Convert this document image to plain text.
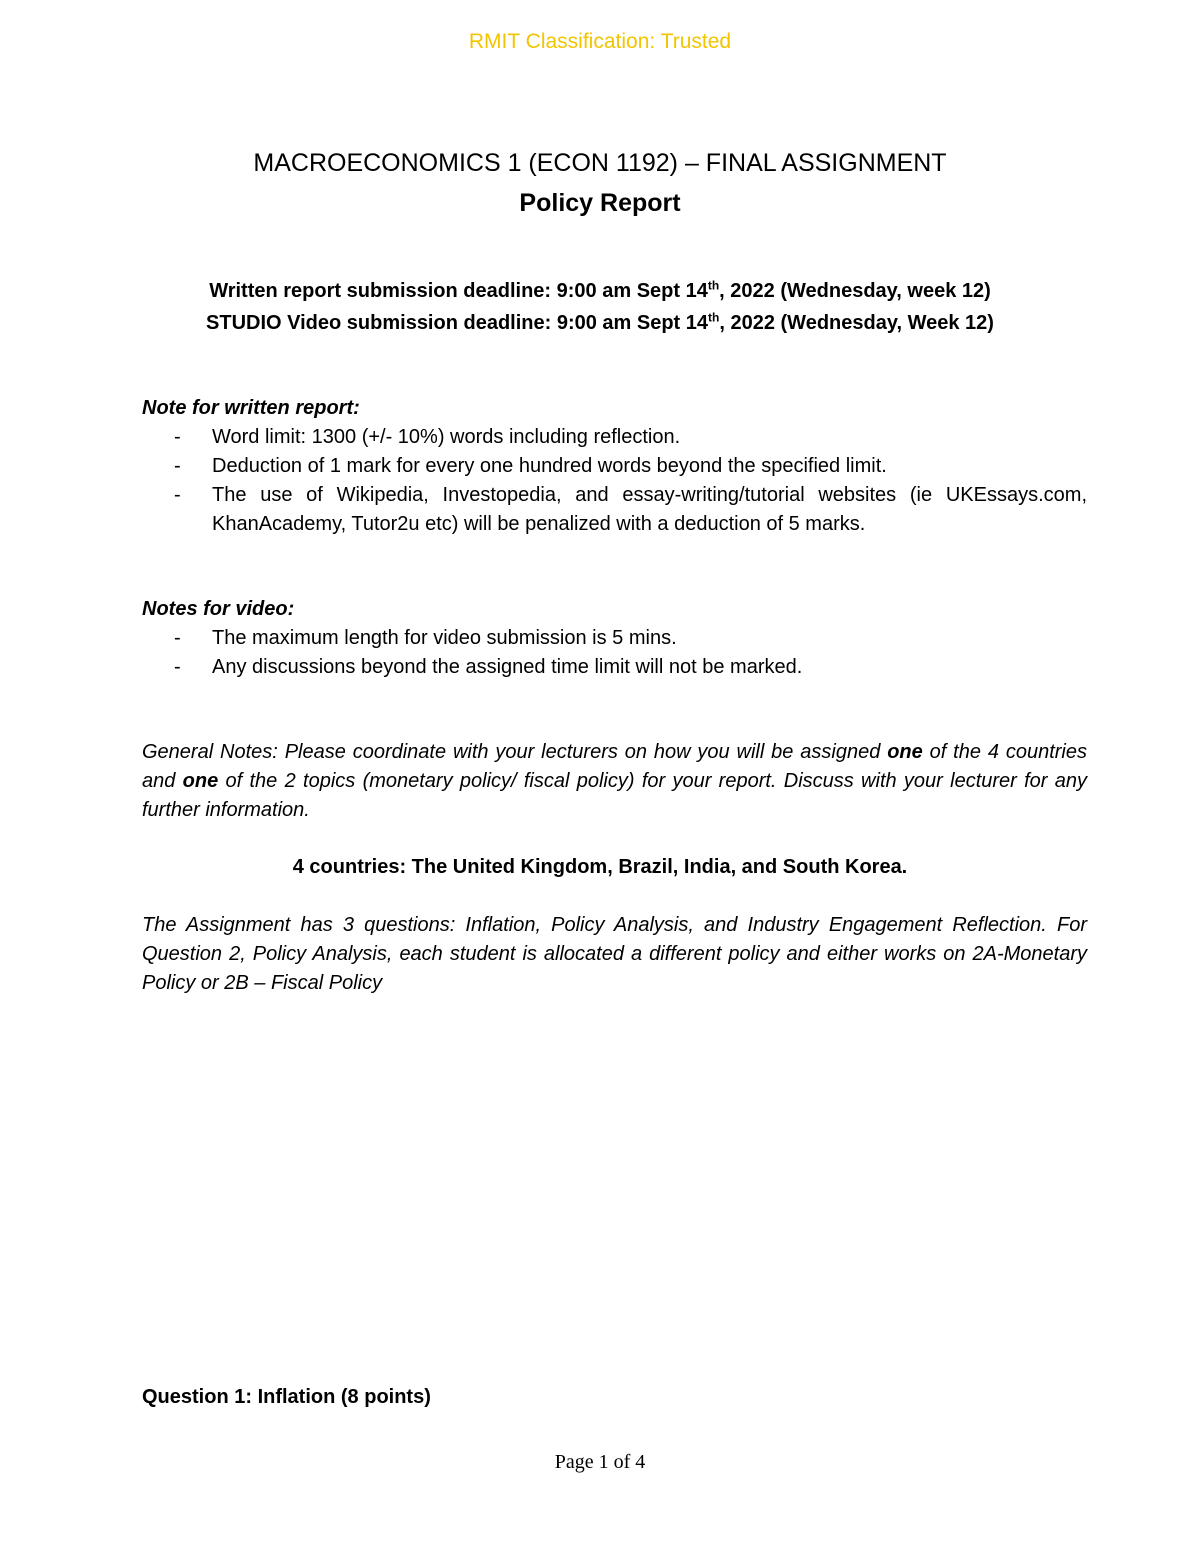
RMIT Classification: Trusted
MACROECONOMICS 1 (ECON 1192) – FINAL ASSIGNMENT
Policy Report
Written report submission deadline: 9:00 am Sept 14th, 2022 (Wednesday, week 12)
STUDIO Video submission deadline: 9:00 am Sept 14th, 2022 (Wednesday, Week 12)
Note for written report:
- Word limit: 1300 (+/- 10%) words including reflection.
- Deduction of 1 mark for every one hundred words beyond the specified limit.
- The use of Wikipedia, Investopedia, and essay-writing/tutorial websites (ie UKEssays.com, KhanAcademy, Tutor2u etc) will be penalized with a deduction of 5 marks.
Notes for video:
- The maximum length for video submission is 5 mins.
- Any discussions beyond the assigned time limit will not be marked.
General Notes: Please coordinate with your lecturers on how you will be assigned one of the 4 countries and one of the 2 topics (monetary policy/ fiscal policy) for your report. Discuss with your lecturer for any further information.
4 countries: The United Kingdom, Brazil, India, and South Korea.
The Assignment has 3 questions: Inflation, Policy Analysis, and Industry Engagement Reflection. For Question 2, Policy Analysis, each student is allocated a different policy and either works on 2A-Monetary Policy or 2B – Fiscal Policy
Question 1: Inflation (8 points)
Page 1 of 4
